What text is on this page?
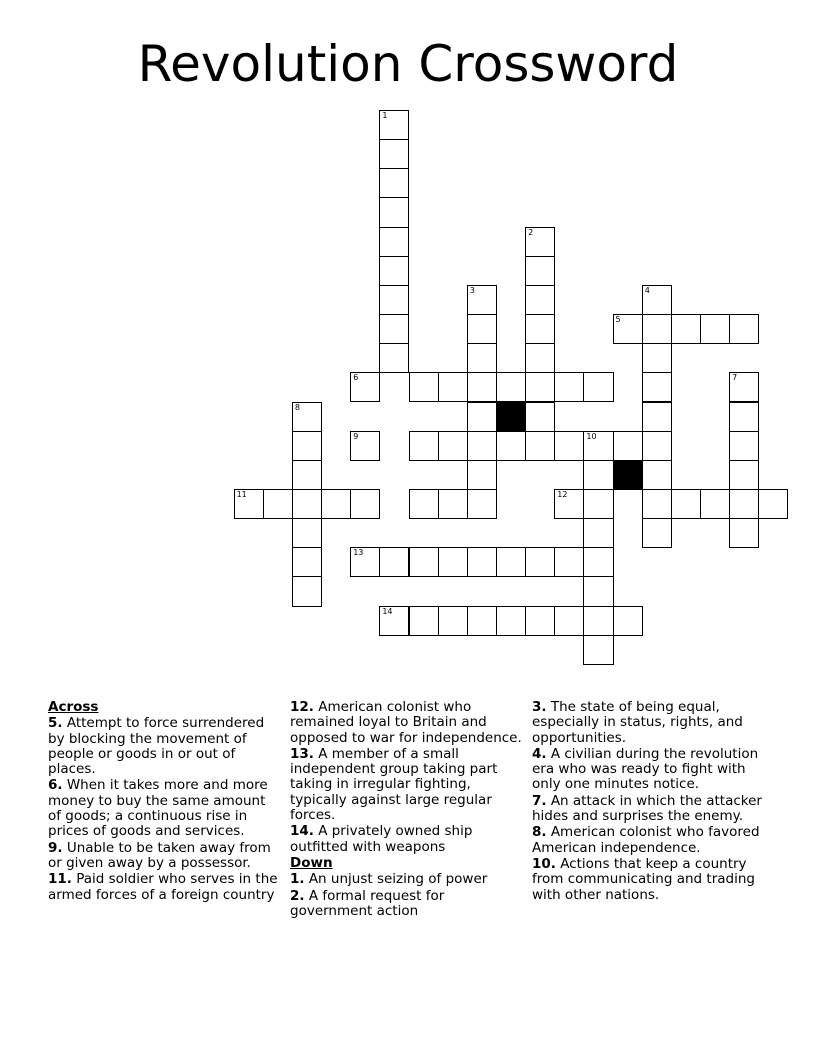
Revolution Crossword
1
2
3	4
5
6	7
8
9	10
11	12
13
14
Across
5. Attempt to force surrendered by blocking the movement of people or goods in or out of places.
6. When it takes more and more money to buy the same amount of goods; a continuous rise in prices of goods and services.
9. Unable to be taken away from or given away by a possessor.
11. Paid soldier who serves in the armed forces of a foreign country
12. American colonist who remained loyal to Britain and opposed to war for independence.
13. A member of a small independent group taking part taking in irregular fighting, typically against large regular forces.
14. A privately owned ship outfitted with weapons
Down
1. An unjust seizing of power
2. A formal request for government action
3. The state of being equal, especially in status, rights, and opportunities.
4. A civilian during the revolution era who was ready to fight with only one minutes notice.
7. An attack in which the attacker hides and surprises the enemy.
8. American colonist who favored American independence.
10. Actions that keep a country from communicating and trading with other nations.
